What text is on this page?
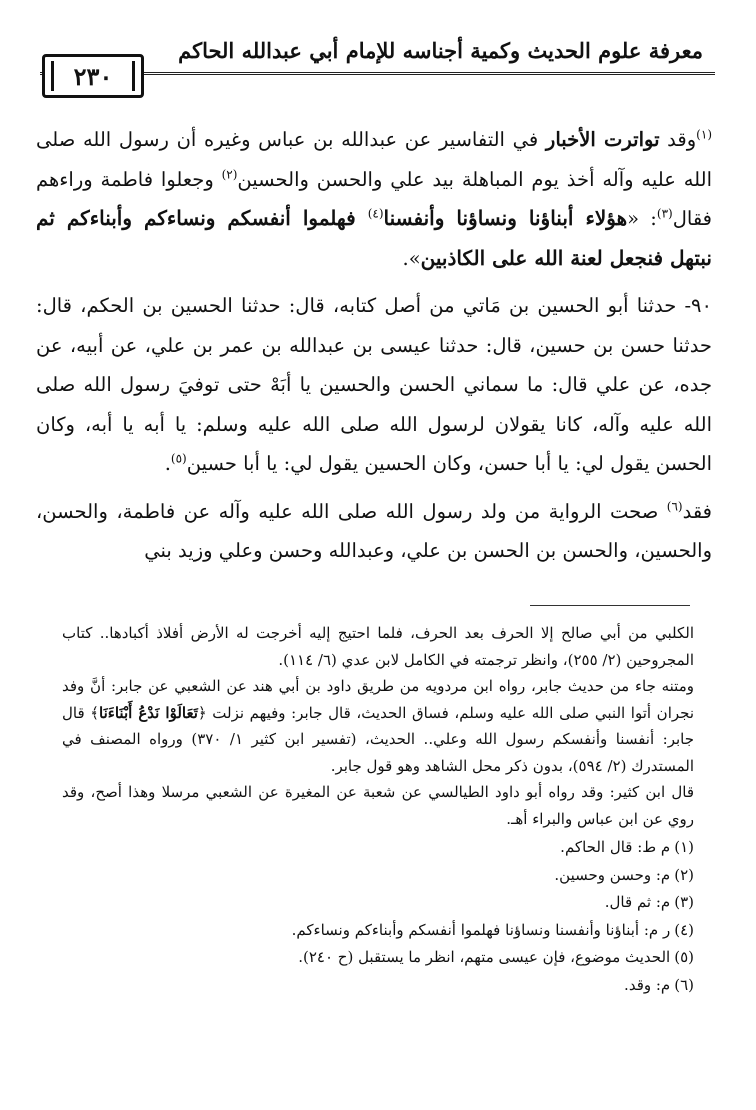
معرفة علوم الحديث وكمية أجناسه للإمام أبي عبدالله الحاكم
٢٣٠

$^{(١)}$وقد تواترت الأخبار في التفاسير عن عبدالله بن عباس وغيره أن رسول الله صلى الله عليه وآله أخذ يوم المباهلة بيد علي والحسن والحسين$^{(٢)}$ وجعلوا فاطمة وراءهم فقال$^{(٣)}$: «هؤلاء أبناؤنا ونساؤنا وأنفسنا$^{(٤)}$ فهلموا أنفسكم ونساءكم وأبناءكم ثم نبتهل فنجعل لعنة الله على الكاذبين».

٩٠- حدثنا أبو الحسين بن مَاتي من أصل كتابه، قال: حدثنا الحسين بن الحكم، قال: حدثنا حسن بن حسين، قال: حدثنا عيسى بن عبدالله بن عمر بن علي، عن أبيه، عن جده، عن علي قال: ما سماني الحسن والحسين يا أبَهْ حتى توفيَ رسول الله صلى الله عليه وآله، كانا يقولان لرسول الله صلى الله عليه وسلم: يا أبه يا أبه، وكان الحسن يقول لي: يا أبا حسن، وكان الحسين يقول لي: يا أبا حسين$^{(٥)}$.

فقد$^{(٦)}$ صحت الرواية من ولد رسول الله صلى الله عليه وآله عن فاطمة، والحسن، والحسين، والحسن بن الحسن بن علي، وعبدالله وحسن وعلي وزيد بني

الكلبي من أبي صالح إلا الحرف بعد الحرف، فلما احتيج إليه أخرجت له الأرض أفلاذ أكبادها.. كتاب المجروحين (٢/ ٢٥٥)، وانظر ترجمته في الكامل لابن عدي (٦/ ١١٤).

ومتنه جاء من حديث جابر، رواه ابن مردويه من طريق داود بن أبي هند عن الشعبي عن جابر: أنَّ وفد نجران أتوا النبي صلى الله عليه وسلم، فساق الحديث، قال جابر: وفيهم نزلت ﴿تَعَالَوْا نَدْعُ أَبْنَاءَنَا﴾ قال جابر: أنفسنا وأنفسكم رسول الله وعلي.. الحديث، (تفسير ابن كثير ١/ ٣٧٠) ورواه المصنف في المستدرك (٢/ ٥٩٤)، بدون ذكر محل الشاهد وهو قول جابر.

قال ابن كثير: وقد رواه أبو داود الطيالسي عن شعبة عن المغيرة عن الشعبي مرسلا وهذا أصح، وقد روي عن ابن عباس والبراء أهـ.

(١)م ط: قال الحاكم.
(٢)م: وحسن وحسين.
(٣)م: ثم قال.
(٤)ر م: أبناؤنا وأنفسنا ونساؤنا فهلموا أنفسكم وأبناءكم ونساءكم.
(٥)الحديث موضوع، فإن عيسى متهم، انظر ما يستقبل (ح ٢٤٠).
(٦)م: وقد.
